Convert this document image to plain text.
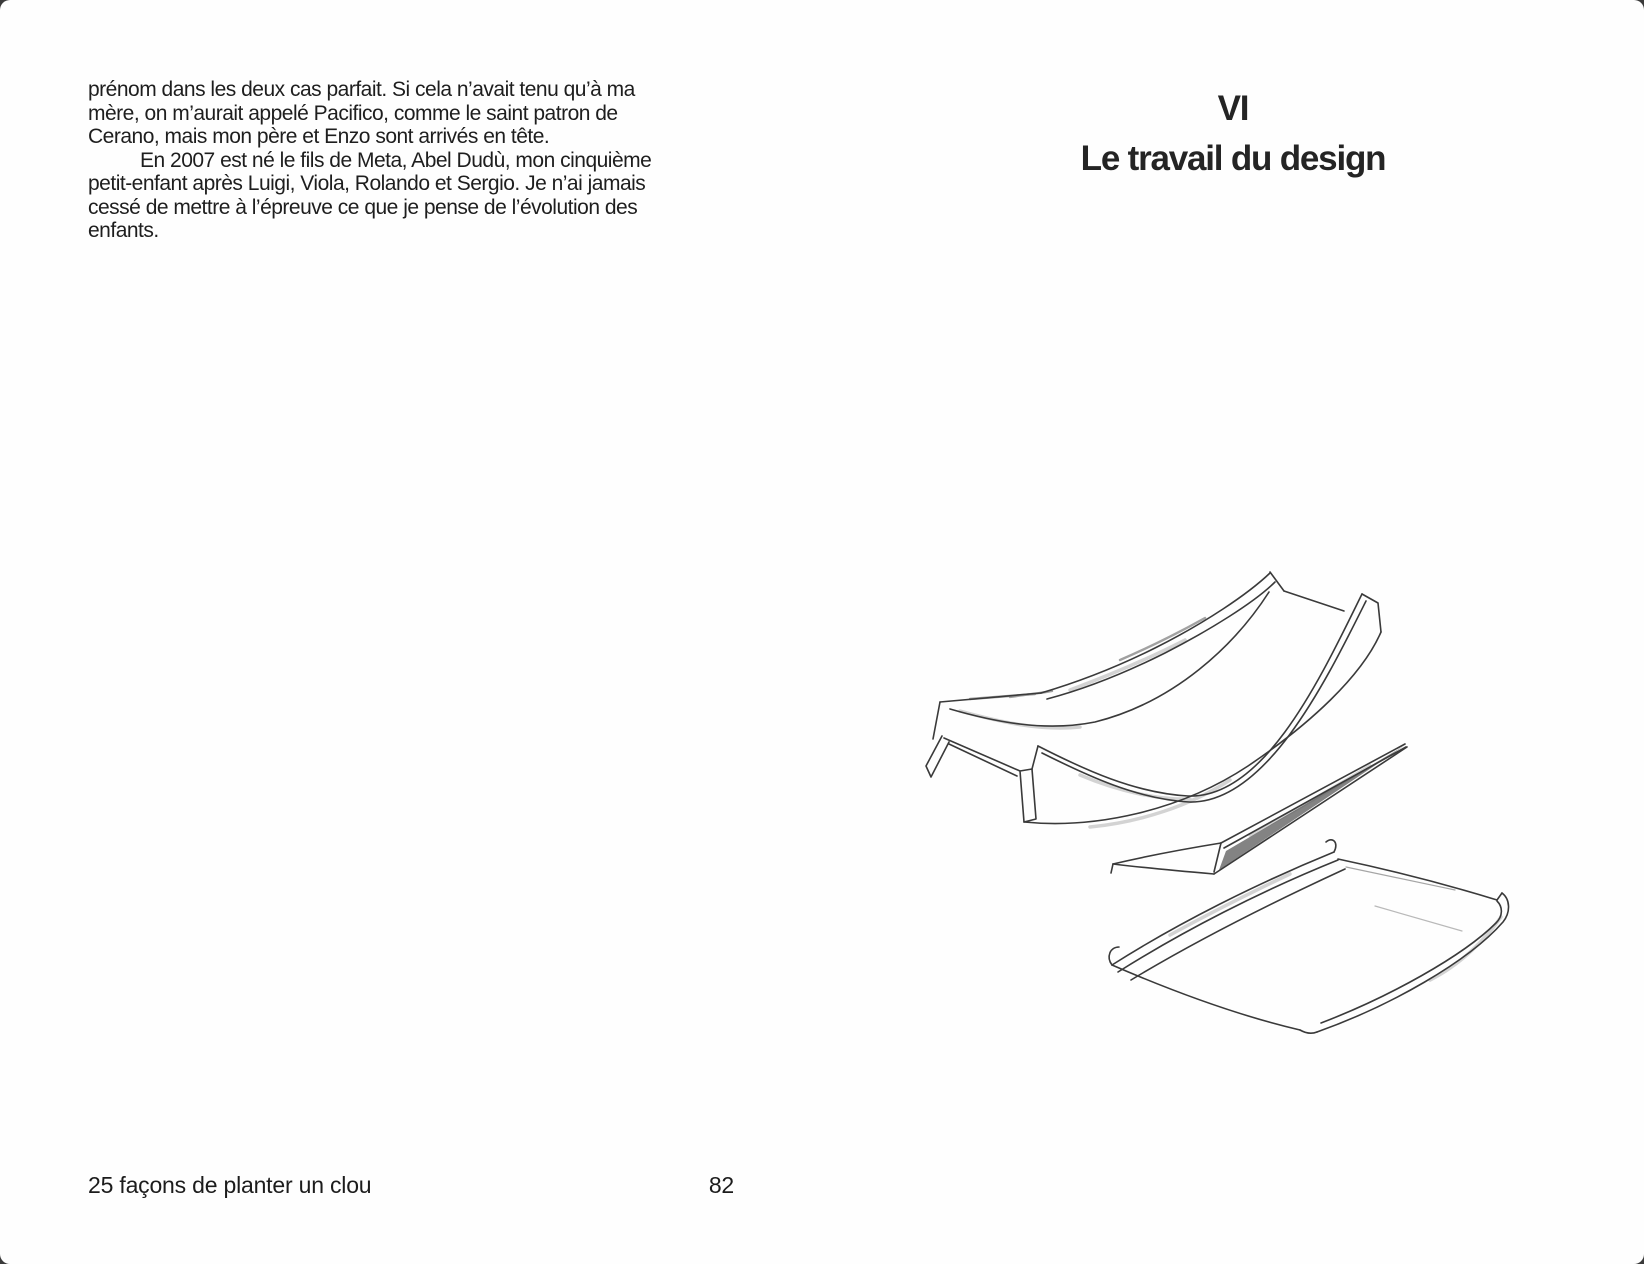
prénom dans les deux cas parfait. Si cela n’avait tenu qu’à ma
mère, on m’aurait appelé Pacifico, comme le saint patron de
Cerano, mais mon père et Enzo sont arrivés en tête.
En 2007 est né le fils de Meta, Abel Dudù, mon cinquième
petit-enfant après Luigi, Viola, Rolando et Sergio. Je n’ai jamais
cessé de mettre à l’épreuve ce que je pense de l’évolution des
enfants.
25 façons de planter un clou	82
VI
Le travail du design
